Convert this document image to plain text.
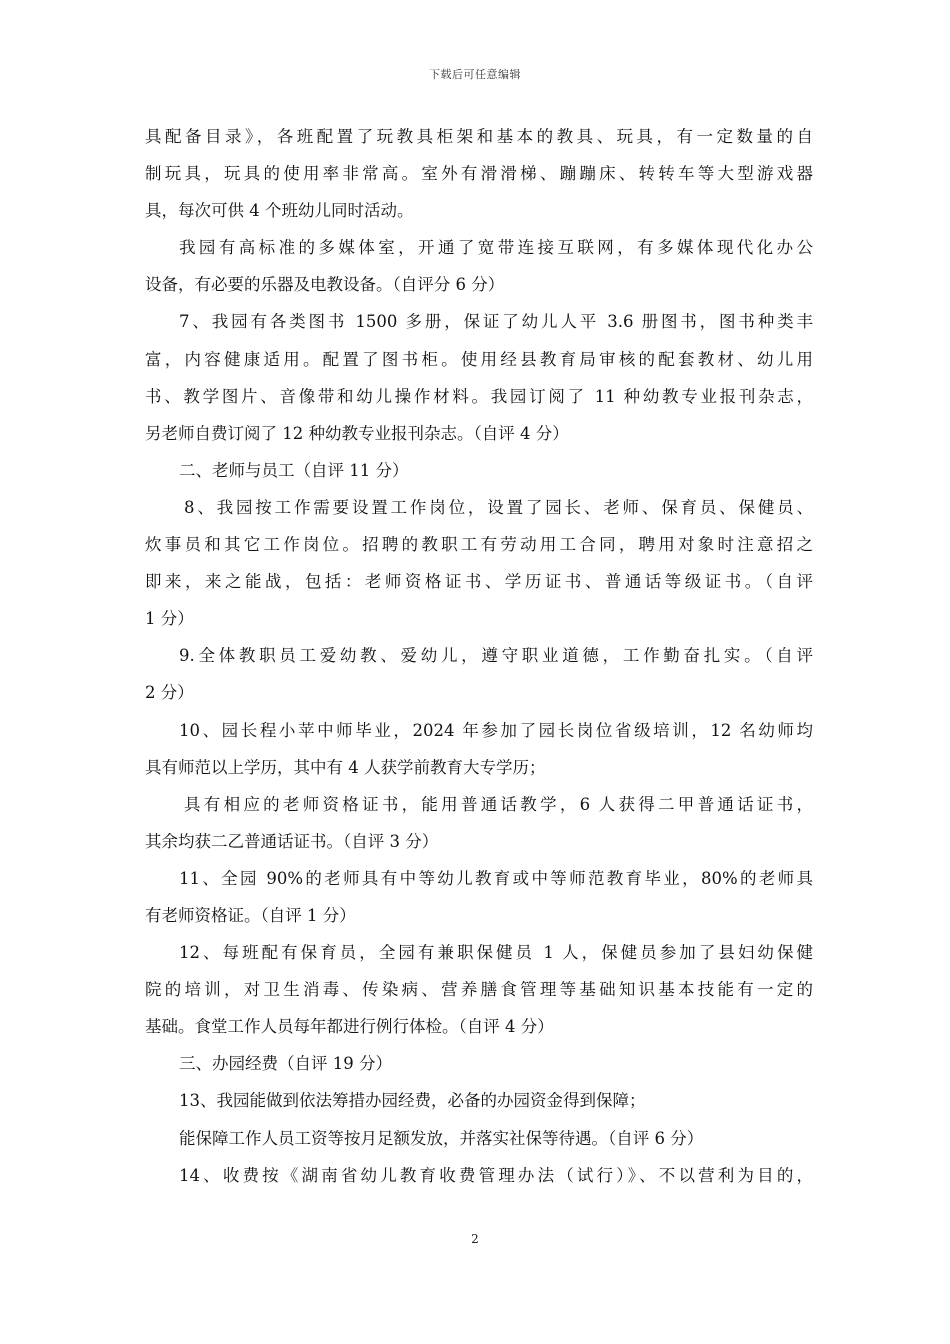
下载后可任意编辑
具配备目录》，各班配置了玩教具柜架和基本的教具、玩具，有一定数量的自
制玩具，玩具的使用率非常高。室外有滑滑梯、蹦蹦床、转转车等大型游戏器
具，每次可供 4 个班幼儿同时活动。
我园有高标准的多媒体室，开通了宽带连接互联网，有多媒体现代化办公
设备，有必要的乐器及电教设备。（自评分 6 分）
7、我园有各类图书 1500 多册，保证了幼儿人平 3.6 册图书，图书种类丰
富，内容健康适用。配置了图书柜。使用经县教育局审核的配套教材、幼儿用
书、教学图片、音像带和幼儿操作材料。我园订阅了 11 种幼教专业报刊杂志，
另老师自费订阅了 12 种幼教专业报刊杂志。（自评 4 分）
二、老师与员工（自评 11 分）
8、我园按工作需要设置工作岗位，设置了园长、老师、保育员、保健员、
炊事员和其它工作岗位。招聘的教职工有劳动用工合同，聘用对象时注意招之
即来，来之能战，包括：老师资格证书、学历证书、普通话等级证书。（自评
1 分）
9.全体教职员工爱幼教、爱幼儿，遵守职业道德，工作勤奋扎实。（自评
2 分）
10、园长程小苹中师毕业，2024 年参加了园长岗位省级培训，12 名幼师均
具有师范以上学历，其中有 4 人获学前教育大专学历；
具有相应的老师资格证书，能用普通话教学，6 人获得二甲普通话证书，
其余均获二乙普通话证书。（自评 3 分）
11、全园 90%的老师具有中等幼儿教育或中等师范教育毕业，80%的老师具
有老师资格证。（自评 1 分）
12、每班配有保育员，全园有兼职保健员 1 人，保健员参加了县妇幼保健
院的培训，对卫生消毒、传染病、营养膳食管理等基础知识基本技能有一定的
基础。食堂工作人员每年都进行例行体检。（自评 4 分）
三、办园经费（自评 19 分）
13、我园能做到依法筹措办园经费，必备的办园资金得到保障；
能保障工作人员工资等按月足额发放，并落实社保等待遇。（自评 6 分）
14、收费按《湖南省幼儿教育收费管理办法（试行）》、不以营利为目的，
2
